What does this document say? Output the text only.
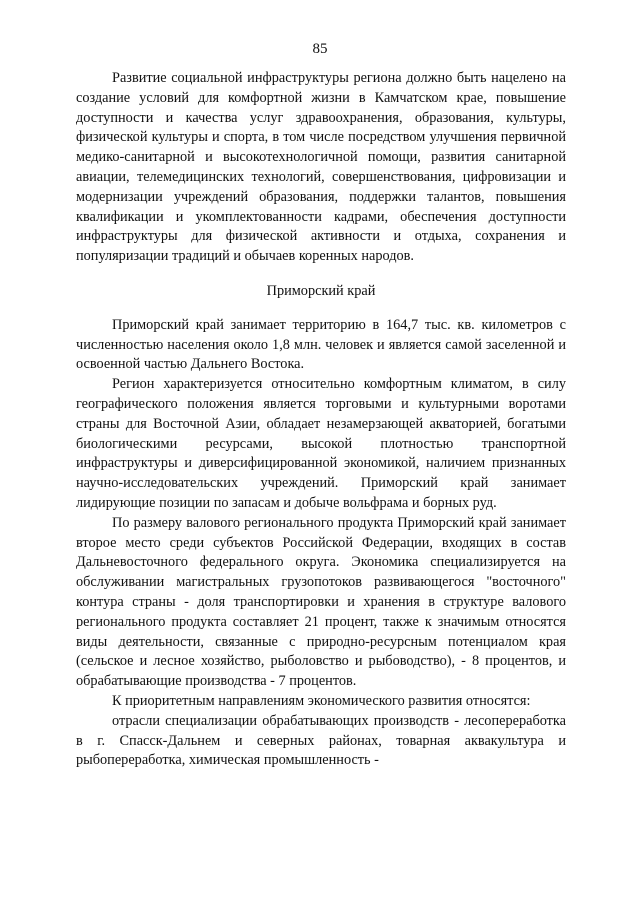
85

Развитие социальной инфраструктуры региона должно быть нацелено на создание условий для комфортной жизни в Камчатском крае, повышение доступности и качества услуг здравоохранения, образования, культуры, физической культуры и спорта, в том числе посредством улучшения первичной медико-санитарной и высокотехнологичной помощи, развития санитарной авиации, телемедицинских технологий, совершенствования, цифровизации и модернизации учреждений образования, поддержки талантов, повышения квалификации и укомплектованности кадрами, обеспечения доступности инфраструктуры для физической активности и отдыха, сохранения и популяризации традиций и обычаев коренных народов.

Приморский край

Приморский край занимает территорию в 164,7 тыс. кв. километров с численностью населения около 1,8 млн. человек и является самой заселенной и освоенной частью Дальнего Востока.

Регион характеризуется относительно комфортным климатом, в силу географического положения является торговыми и культурными воротами страны для Восточной Азии, обладает незамерзающей акваторией, богатыми биологическими ресурсами, высокой плотностью транспортной инфраструктуры и диверсифицированной экономикой, наличием признанных научно-исследовательских учреждений. Приморский край занимает лидирующие позиции по запасам и добыче вольфрама и борных руд.

По размеру валового регионального продукта Приморский край занимает второе место среди субъектов Российской Федерации, входящих в состав Дальневосточного федерального округа. Экономика специализируется на обслуживании магистральных грузопотоков развивающегося "восточного" контура страны - доля транспортировки и хранения в структуре валового регионального продукта составляет 21 процент, также к значимым относятся виды деятельности, связанные с природно-ресурсным потенциалом края (сельское и лесное хозяйство, рыболовство и рыбоводство), - 8 процентов, и обрабатывающие производства - 7 процентов.

К приоритетным направлениям экономического развития относятся:

отрасли специализации обрабатывающих производств - лесопереработка в г. Спасск-Дальнем и северных районах, товарная аквакультура и рыбопереработка, химическая промышленность -
